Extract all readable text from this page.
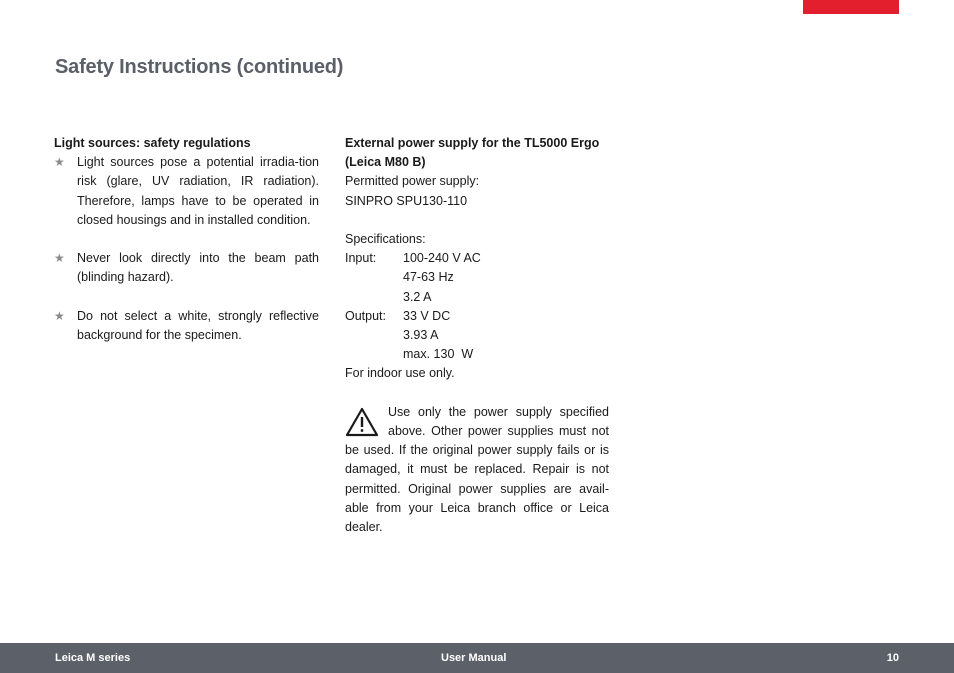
Safety Instructions (continued)
Light sources: safety regulations
★ Light sources pose a potential irradia-tion risk (glare, UV radiation, IR radiation). Therefore, lamps have to be operated in closed housings and in installed condition.
★ Never look directly into the beam path (blinding hazard).
★ Do not select a white, strongly reflective background for the specimen.
External power supply for the TL5000 Ergo
(Leica M80 B)
Permitted power supply:
SINPRO SPU130-110
Specifications:
Input:	100-240 V AC
47-63 Hz
3.2 A
Output:	33 V DC
3.93 A
max. 130  W
For indoor use only.
Use only the power supply specified above. Other power supplies must not be used. If the original power supply fails or is damaged, it must be replaced. Repair is not permitted. Original power supplies are avail-able from your Leica branch office or Leica dealer.
Leica M series	User Manual	10
